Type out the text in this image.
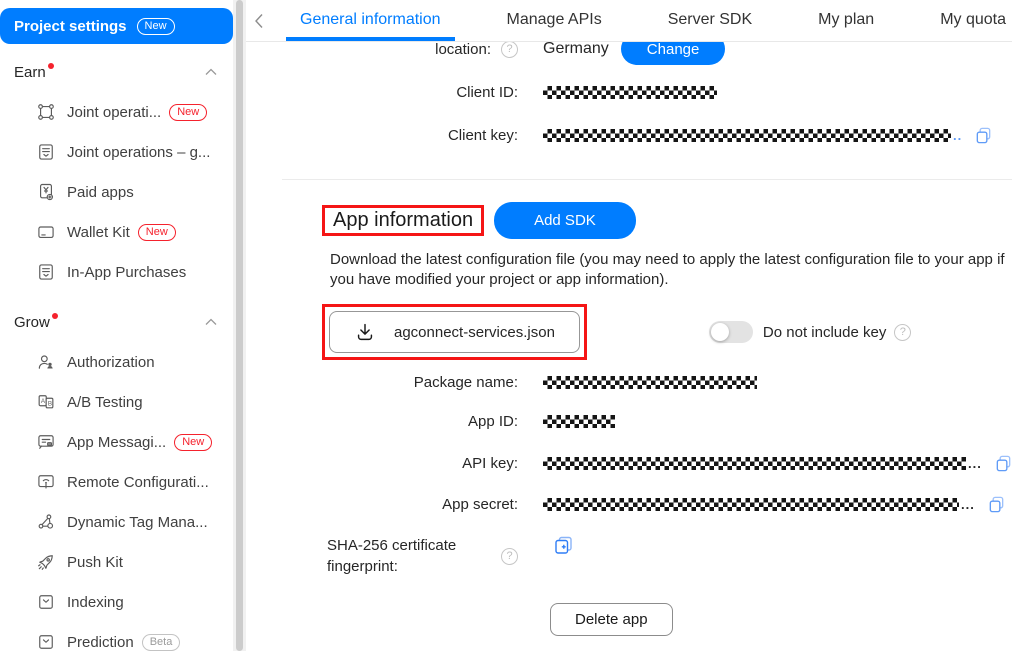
Project settings	New
Earn
Joint operati...	New
Joint operations – g...
Paid apps
Wallet Kit	New
In-App Purchases
Grow
Authorization
A B A/B Testing
App Messagi...	New
Remote Configurati...
Dynamic Tag Mana...
Push Kit
Indexing
Prediction	Beta
General information	Manage APIs	Server SDK	My plan	My quota
location:	?	Germany	Change
Client ID:
Client key:	..
App information	Add SDK

Download the latest configuration file (you may need to apply the latest configuration file to your app if you have modified your project or app information).

agconnect-services.json	Do not include key	?
Package name:
App ID:
API key:	...
App secret:	...
SHA-256 certificate fingerprint:
?
Delete app
